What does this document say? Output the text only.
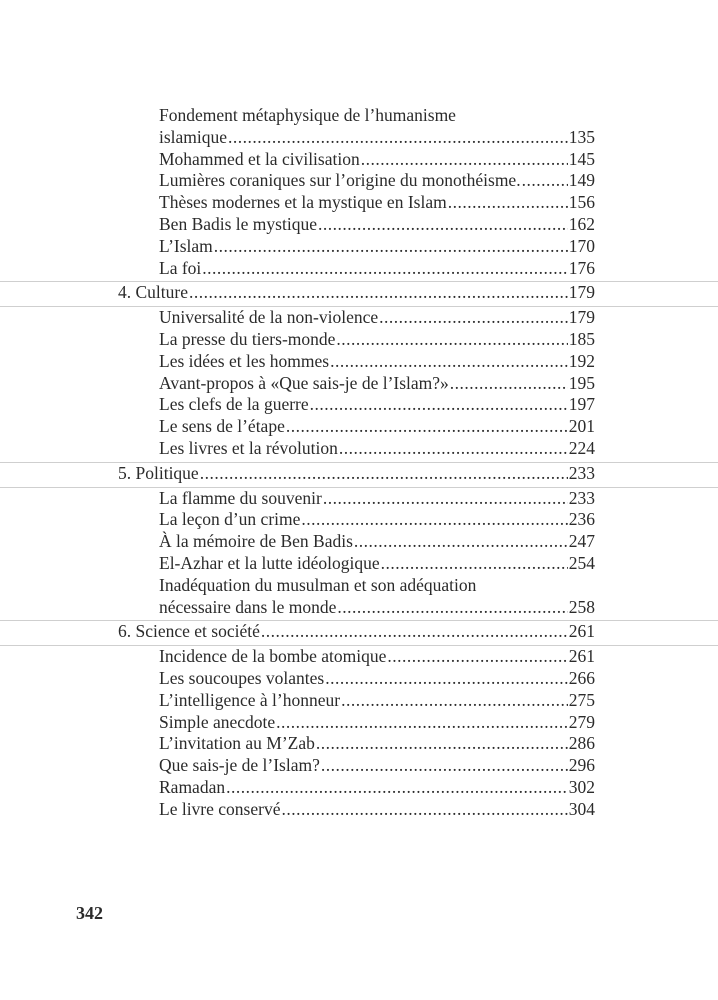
Fondement métaphysique de l’humanisme
islamique .....	135
Mohammed et la civilisation .....	145
Lumières coraniques sur l’origine du monothéisme. .....	149
Thèses modernes et la mystique en Islam .....	156
Ben Badis le mystique .....	162
L’Islam .....	170
La foi .....	176
4. Culture .....	179
Universalité de la non-violence .....	179
La presse du tiers-monde .....	185
Les idées et les hommes .....	192
Avant-propos à «Que sais-je de l’Islam?» .....	195
Les clefs de la guerre .....	197
Le sens de l’étape .....	201
Les livres et la révolution .....	224
5. Politique .....	233
La flamme du souvenir .....	233
La leçon d’un crime .....	236
À la mémoire de Ben Badis .....	247
El-Azhar et la lutte idéologique .....	254
Inadéquation du musulman et son adéquation
nécessaire dans le monde .....	258
6. Science et société .....	261
Incidence de la bombe atomique .....	261
Les soucoupes volantes .....	266
L’intelligence à l’honneur .....	275
Simple anecdote .....	279
L’invitation au M’Zab .....	286
Que sais-je de l’Islam? .....	296
Ramadan .....	302
Le livre conservé .....	304
342
